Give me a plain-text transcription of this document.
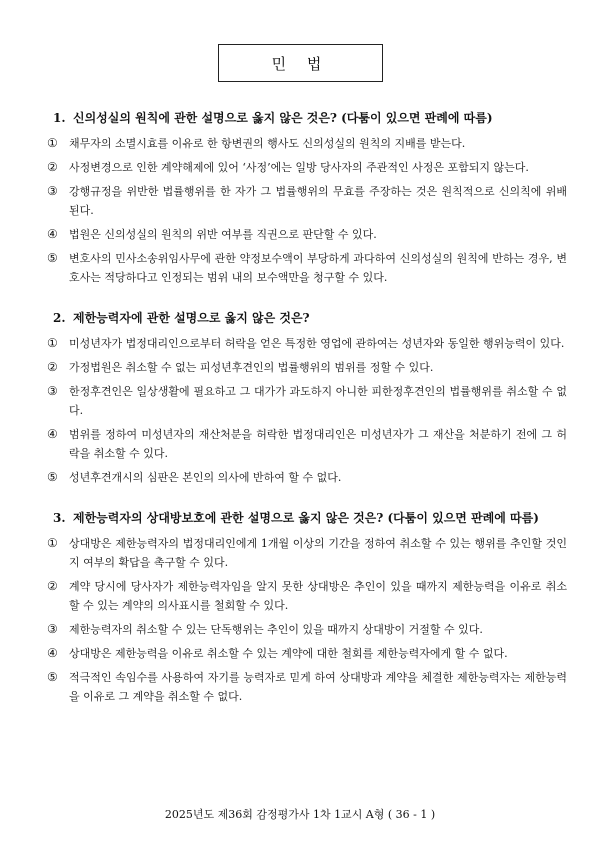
민 법
1. 신의성실의 원칙에 관한 설명으로 옳지 않은 것은? (다툼이 있으면 판례에 따름)
①	채무자의 소멸시효를 이유로 한 항변권의 행사도 신의성실의 원칙의 지배를 받는다.
②	사정변경으로 인한 계약해제에 있어 ‘사정’에는 일방 당사자의 주관적인 사정은 포함되지 않는다.
③	강행규정을 위반한 법률행위를 한 자가 그 법률행위의 무효를 주장하는 것은 원칙적으로 신의칙에 위배된다.
④	법원은 신의성실의 원칙의 위반 여부를 직권으로 판단할 수 있다.
⑤	변호사의 민사소송위임사무에 관한 약정보수액이 부당하게 과다하여 신의성실의 원칙에 반하는 경우, 변호사는 적당하다고 인정되는 범위 내의 보수액만을 청구할 수 있다.
2. 제한능력자에 관한 설명으로 옳지 않은 것은?
①	미성년자가 법정대리인으로부터 허락을 얻은 특정한 영업에 관하여는 성년자와 동일한 행위능력이 있다.
②	가정법원은 취소할 수 없는 피성년후견인의 법률행위의 범위를 정할 수 있다.
③	한정후견인은 일상생활에 필요하고 그 대가가 과도하지 아니한 피한정후견인의 법률행위를 취소할 수 없다.
④	범위를 정하여 미성년자의 재산처분을 허락한 법정대리인은 미성년자가 그 재산을 처분하기 전에 그 허락을 취소할 수 있다.
⑤	성년후견개시의 심판은 본인의 의사에 반하여 할 수 없다.
3. 제한능력자의 상대방보호에 관한 설명으로 옳지 않은 것은? (다툼이 있으면 판례에 따름)
①	상대방은 제한능력자의 법정대리인에게 1개월 이상의 기간을 정하여 취소할 수 있는 행위를 추인할 것인지 여부의 확답을 촉구할 수 있다.
②	계약 당시에 당사자가 제한능력자임을 알지 못한 상대방은 추인이 있을 때까지 제한능력을 이유로 취소할 수 있는 계약의 의사표시를 철회할 수 있다.
③	제한능력자의 취소할 수 있는 단독행위는 추인이 있을 때까지 상대방이 거절할 수 있다.
④	상대방은 제한능력을 이유로 취소할 수 있는 계약에 대한 철회를 제한능력자에게 할 수 없다.
⑤	적극적인 속임수를 사용하여 자기를 능력자로 믿게 하여 상대방과 계약을 체결한 제한능력자는 제한능력을 이유로 그 계약을 취소할 수 없다.
2025년도 제36회 감정평가사 1차 1교시 A형 ( 36 - 1 )
